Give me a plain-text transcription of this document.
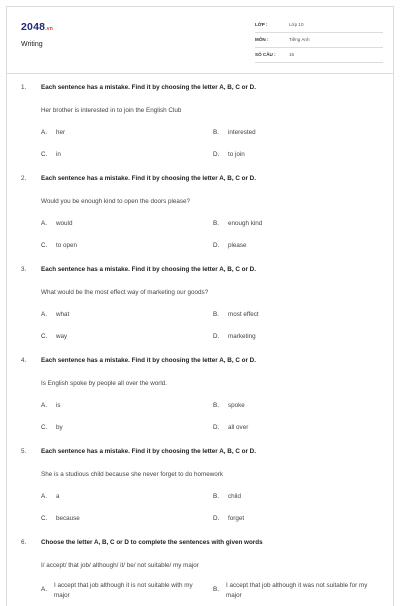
2048.vn
Writing
LỚP :	Lớp 10
MÔN :	Tiếng Anh
SỐ CÂU :	15
1. Each sentence has a mistake. Find it by choosing the letter A, B, C or D.
Her brother is interested in to join the English Club
A. her	B. interested
C. in	D. to join
2. Each sentence has a mistake. Find it by choosing the letter A, B, C or D.
Would you be enough kind to open the doors please?
A. would	B. enough kind
C. to open	D. please
3. Each sentence has a mistake. Find it by choosing the letter A, B, C or D.
What would be the most effect way of marketing our goods?
A. what	B. most effect
C. way	D. marketing
4. Each sentence has a mistake. Find it by choosing the letter A, B, C or D.
Is English spoke by people all over the world.
A. is	B. spoke
C. by	D. all over
5. Each sentence has a mistake. Find it by choosing the letter A, B, C or D.
She is a studious child because she never forget to do homework
A. a	B. child
C. because	D. forget
6. Choose the letter A, B, C or D to complete the sentences with given words
I/ accept/ that job/ although/ it/ be/ not suitable/ my major
A.
I accept that job although it is not suitable with my major
B.
I accept that job although it was not suitable for my major
